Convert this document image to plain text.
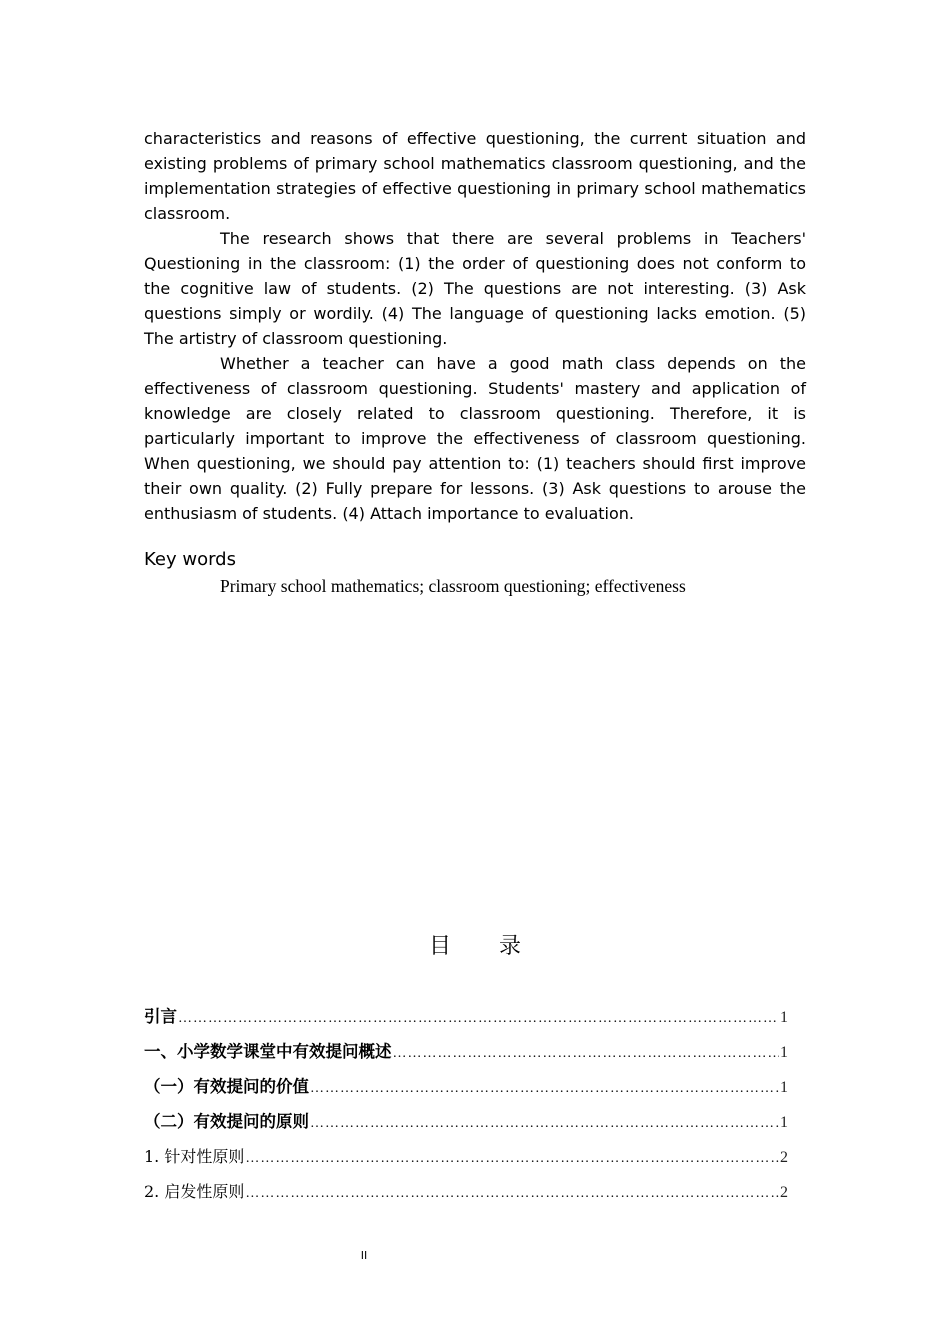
characteristics and reasons of effective questioning, the current situation and existing problems of primary school mathematics classroom questioning, and the implementation strategies of effective questioning in primary school mathematics classroom.

The research shows that there are several problems in Teachers' Questioning in the classroom: (1) the order of questioning does not conform to the cognitive law of students. (2) The questions are not interesting. (3) Ask questions simply or wordily. (4) The language of questioning lacks emotion. (5) The artistry of classroom questioning.

Whether a teacher can have a good math class depends on the effectiveness of classroom questioning. Students' mastery and application of knowledge are closely related to classroom questioning. Therefore, it is particularly important to improve the effectiveness of classroom questioning. When questioning, we should pay attention to: (1) teachers should first improve their own quality. (2) Fully prepare for lessons. (3) Ask questions to arouse the enthusiasm of students. (4) Attach importance to evaluation.

Key words
Primary school mathematics; classroom questioning; effectiveness
目 录
引言 …………………………………………………………………………………………………………………………………………………………………………………………………	1
一、小学数学课堂中有效提问概述 …………………………………………………………………………………………………………………………………………………………………………………………………	1
（一）有效提问的价值 …………………………………………………………………………………………………………………………………………………………………………………………………	1
（二）有效提问的原则 …………………………………………………………………………………………………………………………………………………………………………………………………	1
1. 针对性原则 …………………………………………………………………………………………………………………………………………………………………………………………………	2
2. 启发性原则 …………………………………………………………………………………………………………………………………………………………………………………………………	2
II
